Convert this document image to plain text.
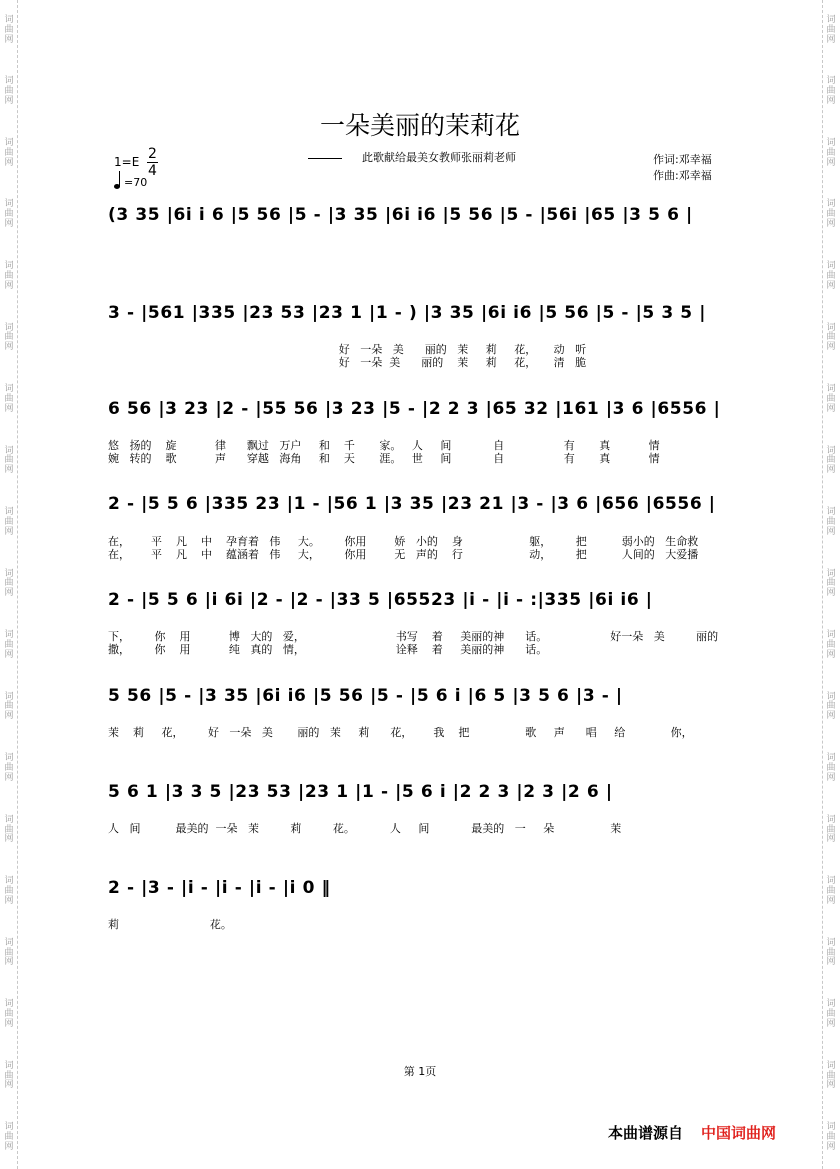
词
曲
网
词
曲
网
词
曲
网
词
曲
网
词
曲
网
词
曲
网
词
曲
网
词
曲
网
词
曲
网
词
曲
网
词
曲
网
词
曲
网
词
曲
网
词
曲
网
词
曲
网
词
曲
网
词
曲
网
词
曲
网
词
曲
网
词
曲
网
词
曲
网
词
曲
网
词
曲
网
词
曲
网
词
曲
网
词
曲
网
词
曲
网
词
曲
网
词
曲
网
词
曲
网
词
曲
网
词
曲
网
词
曲
网
词
曲
网
词
曲
网
词
曲
网
词
曲
网
词
曲
网
一朵美丽的茉莉花
此歌献给最美女教师张丽莉老师	作词:邓幸福
作曲:邓幸福
$1=E \frac{2}{4}$
=70
(3 35 |6i i 6 |5 56 |5 - |3 35 |6i i6 |5 56 |5 - |56i |65 |3 5 6 |
3 - |561 |335 |23 53 |23 1 |1 - ) |3 35 |6i i6 |5 56 |5 - |5 3 5 |
好   一朵   美      丽的   茉     莉     花，     动   听
好   一朵  美      丽的    茉     莉     花，     清   脆
6 56 |3 23 |2 - |55 56 |3 23 |5 - |2 2 3 |65 32 |161 |3 6 |6556 |
悠   扬的    旋           律      飘过   万户     和    千       家。   人     间            自                 有       真           情
婉   转的    歌           声      穿越   海角     和    天       涯。   世     间            自                 有       真           情
2 - |5 5 6 |335 23 |1 - |56 1 |3 35 |23 21 |3 - |3 6 |656 |6556 |
在，      平    凡    中    孕育着   伟     大。       你用        娇   小的    身                   躯，       把          弱小的   生命救
在，      平    凡    中    蕴涵着   伟     大，       你用        无   声的    行                   动，       把          人间的   大爱播
2 - |5 5 6 |i 6i |2 - |2 - |33 5 |65523 |i - |i - :|335 |6i i6 |
下，       你    用           博   大的   爱，                          书写    着     美丽的神      话。                  好一朵   美         丽的
撒，       你    用           纯   真的   情，                          诠释    着     美丽的神      话。
5 56 |5 - |3 35 |6i i6 |5 56 |5 - |5 6 i |6 5 |3 5 6 |3 - |
茉    莉     花，       好   一朵   美       丽的   茉     莉      花，      我    把                歌     声      唱     给             你，
5 6 1 |3 3 5 |23 53 |23 1 |1 - |5 6 i |2 2 3 |2 3 |2 6 |
人   间          最美的  一朵   茉         莉         花。          人     间            最美的   一     朵                茉
2 - |3 - |i - |i - |i - |i 0 ‖
莉                          花。
第 1页
本曲谱源自 中国词曲网
